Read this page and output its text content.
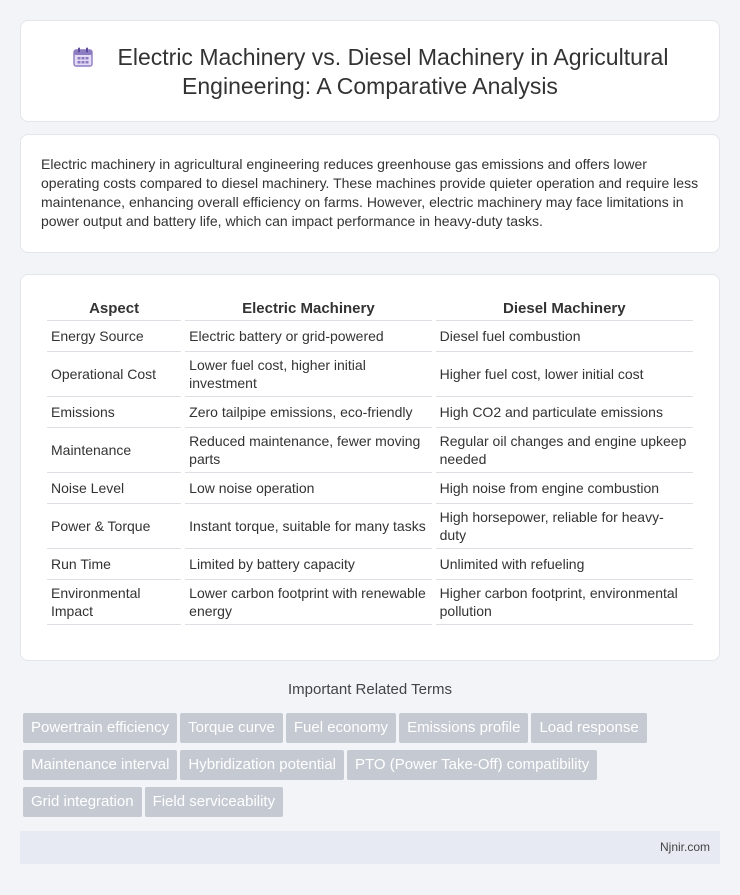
Electric Machinery vs. Diesel Machinery in Agricultural
Engineering: A Comparative Analysis

Electric machinery in agricultural engineering reduces greenhouse gas emissions and offers lower operating costs compared to diesel machinery. These machines provide quieter operation and require less maintenance, enhancing overall efficiency on farms. However, electric machinery may face limitations in power output and battery life, which can impact performance in heavy-duty tasks.

Aspect	Electric Machinery	Diesel Machinery
Energy Source	Electric battery or grid-powered	Diesel fuel combustion
Operational Cost	Lower fuel cost, higher initial investment	Higher fuel cost, lower initial cost
Emissions	Zero tailpipe emissions, eco-friendly	High CO2 and particulate emissions
Maintenance	Reduced maintenance, fewer moving parts	Regular oil changes and engine upkeep needed
Noise Level	Low noise operation	High noise from engine combustion
Power & Torque	Instant torque, suitable for many tasks	High horsepower, reliable for heavy-duty
Run Time	Limited by battery capacity	Unlimited with refueling
Environmental Impact	Lower carbon footprint with renewable energy	Higher carbon footprint, environmental pollution
Important Related Terms
Powertrain efficiency Torque curve Fuel economy Emissions profile Load response
Maintenance interval Hybridization potential PTO (Power Take-Off) compatibility
Grid integration Field serviceability
Njnir.com
